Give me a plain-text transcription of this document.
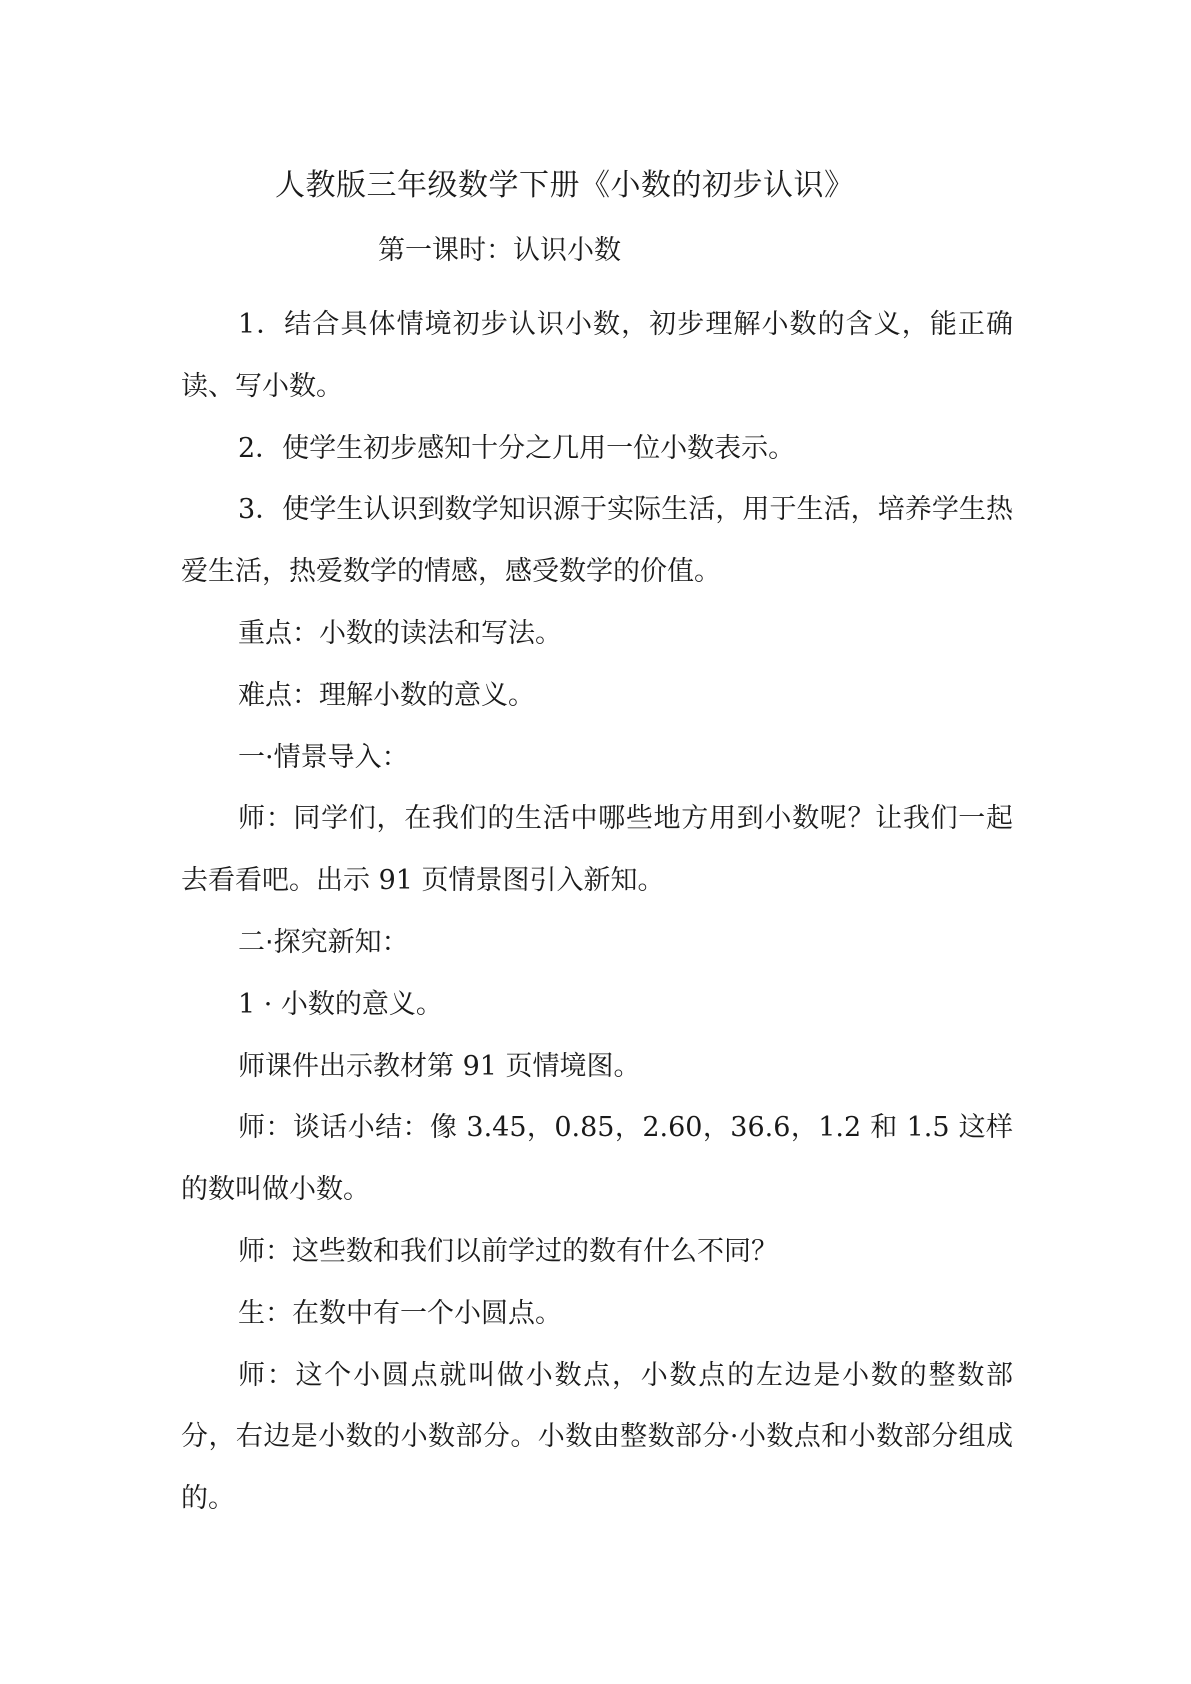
人教版三年级数学下册《小数的初步认识》
第一课时：认识小数

1．结合具体情境初步认识小数，初步理解小数的含义，能正确读、写小数。

2．使学生初步感知十分之几用一位小数表示。

3．使学生认识到数学知识源于实际生活，用于生活，培养学生热爱生活，热爱数学的情感，感受数学的价值。

重点：小数的读法和写法。

难点：理解小数的意义。

一·情景导入：

师：同学们，在我们的生活中哪些地方用到小数呢？让我们一起去看看吧。出示 91 页情景图引入新知。

二·探究新知：

1 · 小数的意义。

师课件出示教材第 91 页情境图。

师：谈话小结：像 3.45，0.85，2.60，36.6，1.2 和 1.5 这样的数叫做小数。

师：这些数和我们以前学过的数有什么不同？

生：在数中有一个小圆点。

师：这个小圆点就叫做小数点，小数点的左边是小数的整数部分，右边是小数的小数部分。小数由整数部分·小数点和小数部分组成的。
